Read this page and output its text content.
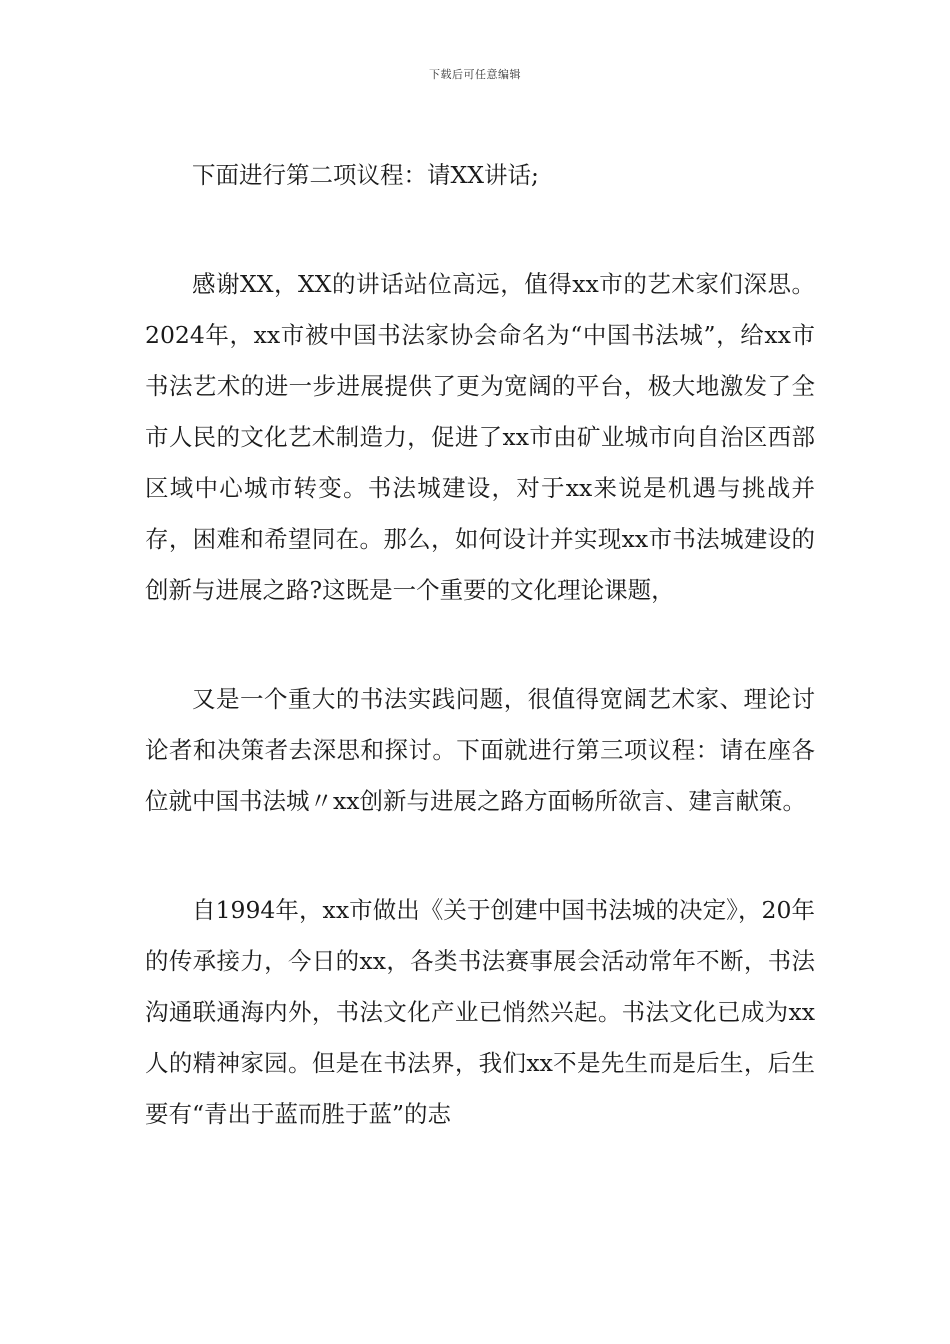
下载后可任意编辑

下面进行第二项议程：请XX讲话;

感谢XX，XX的讲话站位高远，值得xx市的艺术家们深思。2024年，xx市被中国书法家协会命名为“中国书法城”，给xx市书法艺术的进一步进展提供了更为宽阔的平台，极大地激发了全市人民的文化艺术制造力，促进了xx市由矿业城市向自治区西部区域中心城市转变。书法城建设，对于xx来说是机遇与挑战并存，困难和希望同在。那么，如何设计并实现xx市书法城建设的创新与进展之路?这既是一个重要的文化理论课题，

又是一个重大的书法实践问题，很值得宽阔艺术家、理论讨论者和决策者去深思和探讨。下面就进行第三项议程：请在座各位就中国书法城〃xx创新与进展之路方面畅所欲言、建言献策。

自1994年，xx市做出《关于创建中国书法城的决定》，20年的传承接力，今日的xx，各类书法赛事展会活动常年不断，书法沟通联通海内外，书法文化产业已悄然兴起。书法文化已成为xx人的精神家园。但是在书法界，我们xx不是先生而是后生，后生要有“青出于蓝而胜于蓝”的志
